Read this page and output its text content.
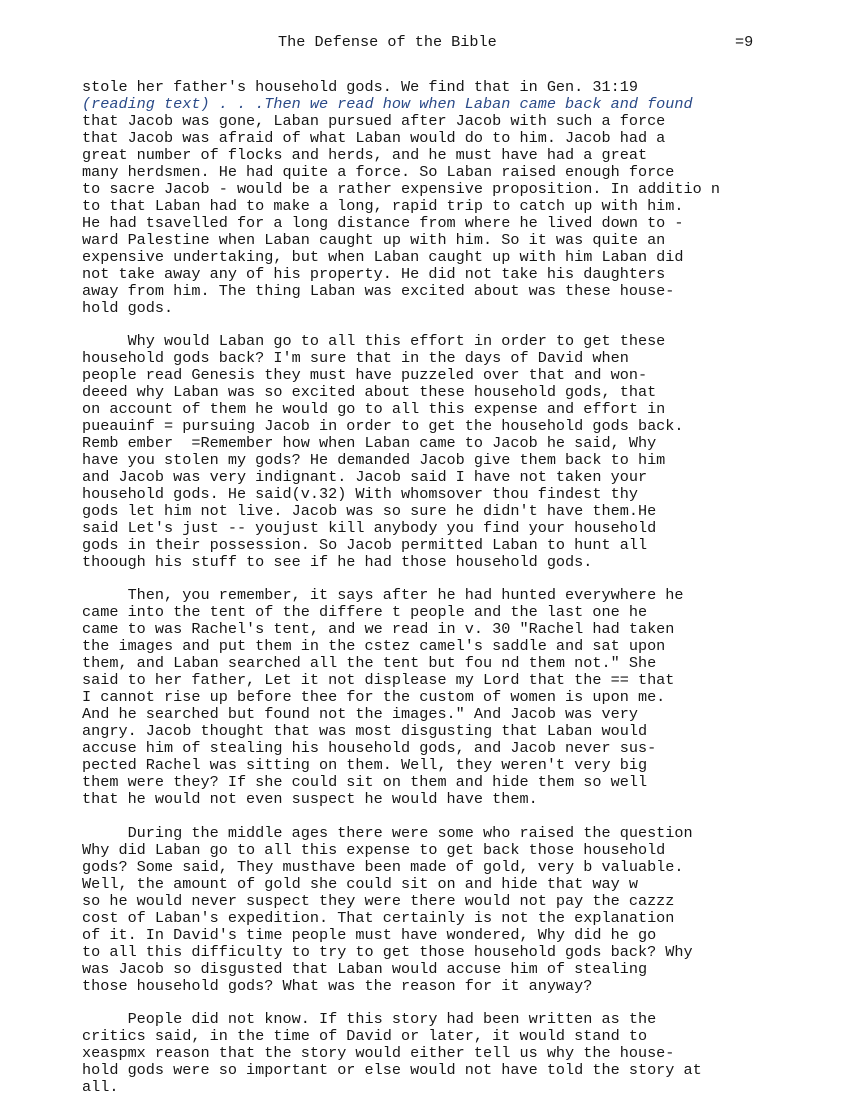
The Defense of the Bible	=9
stole her father's household gods. We find that in Gen. 31:19
(reading text) . . .Then we read how when Laban came back and found
that Jacob was gone, Laban pursued after Jacob with such a force
that Jacob was afraid of what Laban would do to him. Jacob had a
great number of flocks and herds, and he must have had a great
many herdsmen. He had quite a force. So Laban raised enough force
to sacre Jacob - would be a rather expensive proposition. In additio n
to that Laban had to make a long, rapid trip to catch up with him.
He had tsavelled for a long distance from where he lived down to -
ward Palestine when Laban caught up with him. So it was quite an
expensive undertaking, but when Laban caught up with him Laban did
not take away any of his property. He did not take his daughters
away from him. The thing Laban was excited about was these house-
hold gods.
Why would Laban go to all this effort in order to get these
household gods back? I'm sure that in the days of David when
people read Genesis they must have puzzeled over that and won-
deeed why Laban was so excited about these household gods, that
on account of them he would go to all this expense and effort in
pueauinf = pursuing Jacob in order to get the household gods back.
Remb ember  =Remember how when Laban came to Jacob he said, Why
have you stolen my gods? He demanded Jacob give them back to him
and Jacob was very indignant. Jacob said I have not taken your
household gods. He said(v.32) With whomsover thou findest thy
gods let him not live. Jacob was so sure he didn't have them.He
said Let's just -- youjust kill anybody you find your household
gods in their possession. So Jacob permitted Laban to hunt all
thoough his stuff to see if he had those household gods.
Then, you remember, it says after he had hunted everywhere he
came into the tent of the differe t people and the last one he
came to was Rachel's tent, and we read in v. 30 "Rachel had taken
the images and put them in the cstez camel's saddle and sat upon
them, and Laban searched all the tent but fou nd them not." She
said to her father, Let it not displease my Lord that the == that
I cannot rise up before thee for the custom of women is upon me.
And he searched but found not the images." And Jacob was very
angry. Jacob thought that was most disgusting that Laban would
accuse him of stealing his household gods, and Jacob never sus-
pected Rachel was sitting on them. Well, they weren't very big
them were they? If she could sit on them and hide them so well
that he would not even suspect he would have them.
During the middle ages there were some who raised the question
Why did Laban go to all this expense to get back those household
gods? Some said, They musthave been made of gold, very b valuable.
Well, the amount of gold she could sit on and hide that way w
so he would never suspect they were there would not pay the cazzz
cost of Laban's expedition. That certainly is not the explanation
of it. In David's time people must have wondered, Why did he go
to all this difficulty to try to get those household gods back? Why
was Jacob so disgusted that Laban would accuse him of stealing
those household gods? What was the reason for it anyway?
People did not know. If this story had been written as the
critics said, in the time of David or later, it would stand to
xeaspmx reason that the story would either tell us why the house-
hold gods were so important or else would not have told the story at
all.
